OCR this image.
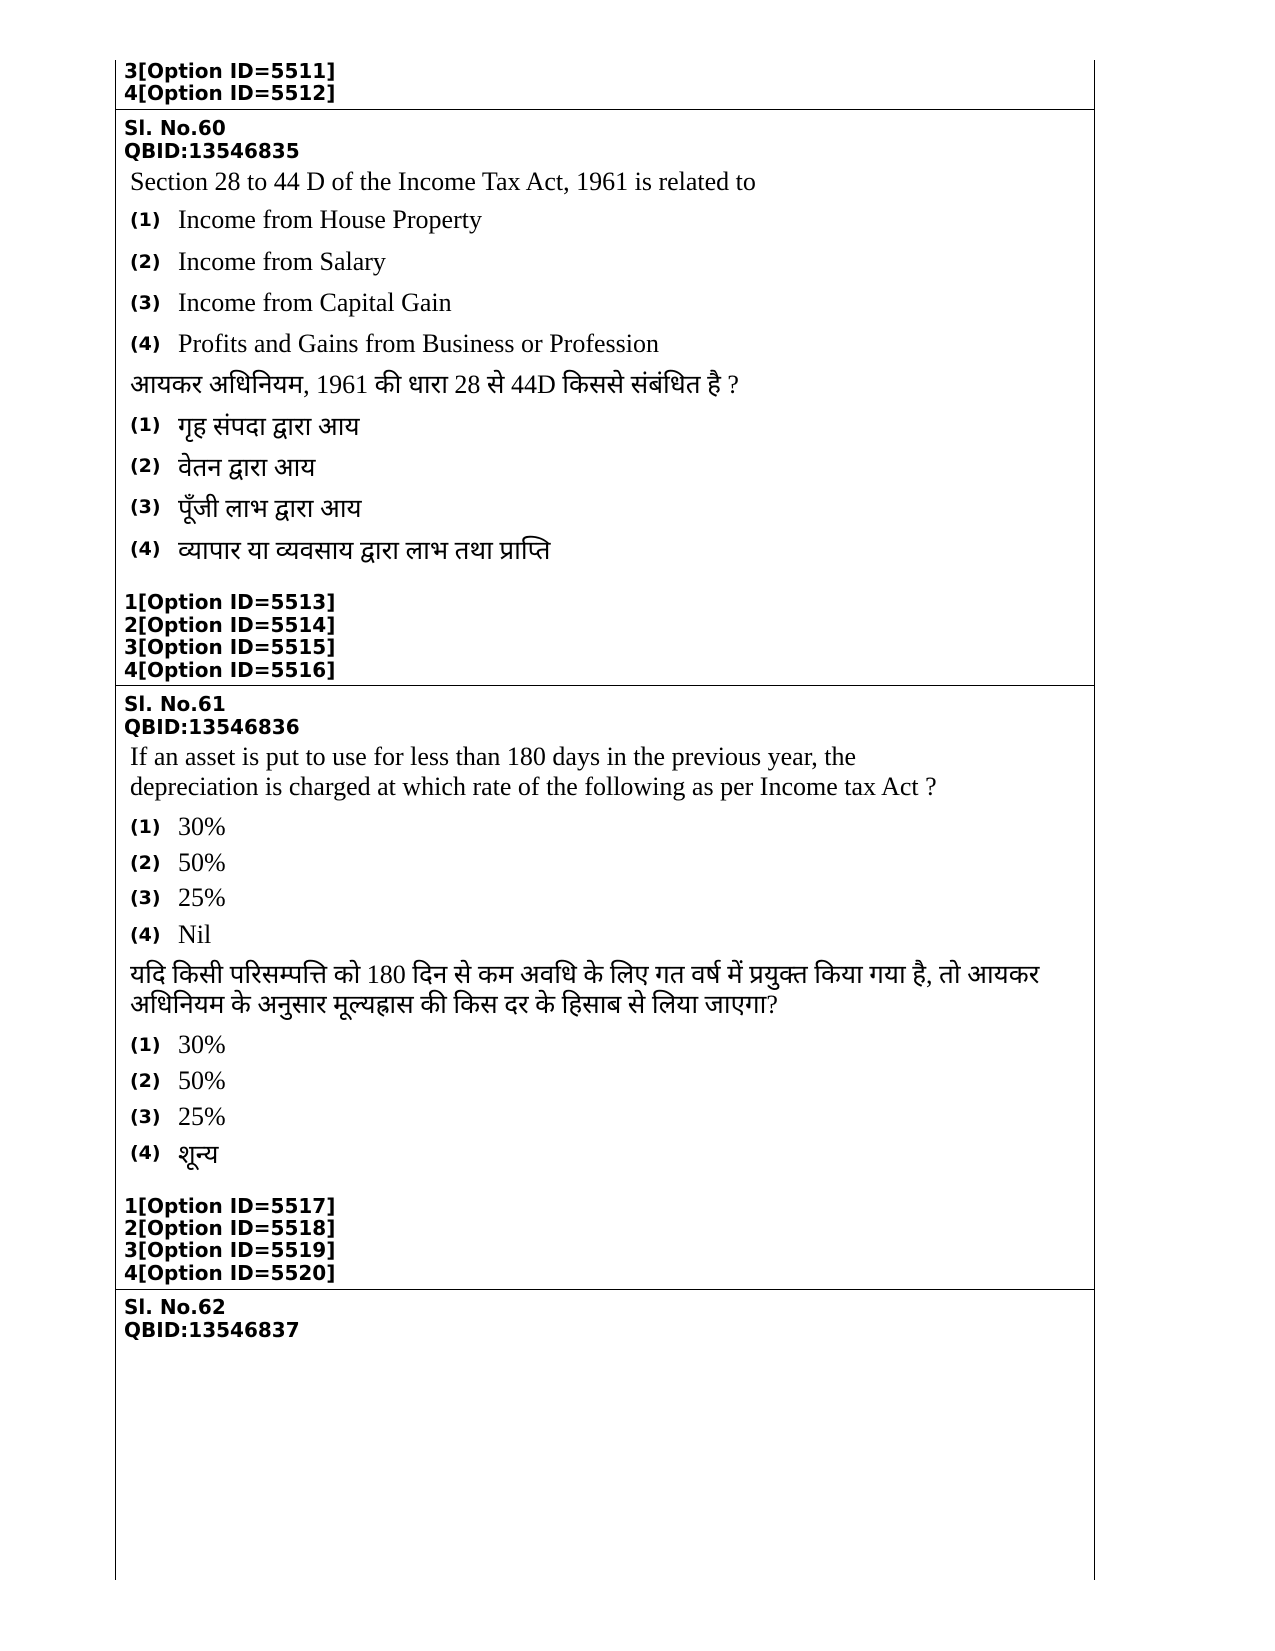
3[Option ID=5511]
4[Option ID=5512]
Sl. No.60
QBID:13546835
Section 28 to 44 D of the Income Tax Act, 1961 is related to
(1) Income from House Property
(2) Income from Salary
(3) Income from Capital Gain
(4) Profits and Gains from Business or Profession
आयकर अधिनियम, 1961 की धारा 28 से 44D किससे संबंधित है ?
(1) गृह संपदा द्वारा आय
(2) वेतन द्वारा आय
(3) पूँजी लाभ द्वारा आय
(4) व्यापार या व्यवसाय द्वारा लाभ तथा प्राप्ति
1[Option ID=5513]
2[Option ID=5514]
3[Option ID=5515]
4[Option ID=5516]
Sl. No.61
QBID:13546836
If an asset is put to use for less than 180 days in the previous year, the
depreciation is charged at which rate of the following as per Income tax Act ?
(1) 30%
(2) 50%
(3) 25%
(4) Nil
यदि किसी परिसम्पत्ति को 180 दिन से कम अवधि के लिए गत वर्ष में प्रयुक्त किया गया है, तो आयकर
अधिनियम के अनुसार मूल्यह्रास की किस दर के हिसाब से लिया जाएगा?
(1) 30%
(2) 50%
(3) 25%
(4) शून्य
1[Option ID=5517]
2[Option ID=5518]
3[Option ID=5519]
4[Option ID=5520]
Sl. No.62
QBID:13546837
